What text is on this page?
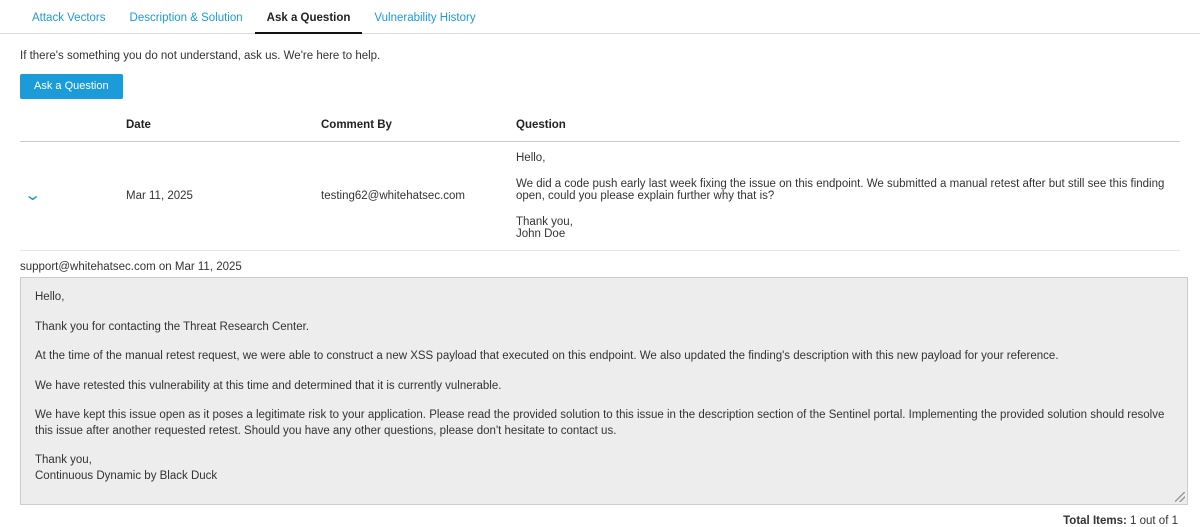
Attack Vectors	Description & Solution	Ask a Question	Vulnerability History
If there's something you do not understand, ask us. We're here to help.
Ask a Question
	Date	Comment By	Question
⌄	Mar 11, 2025	testing62@whitehatsec.com	Hello,

We did a code push early last week fixing the issue on this endpoint. We submitted a manual retest after but still see this finding open, could you please explain further why that is?

Thank you,

John Doe

support@whitehatsec.com on Mar 11, 2025

Hello,

Thank you for contacting the Threat Research Center.

At the time of the manual retest request, we were able to construct a new XSS payload that executed on this endpoint. We also updated the finding's description with this new payload for your reference.

We have retested this vulnerability at this time and determined that it is currently vulnerable.

We have kept this issue open as it poses a legitimate risk to your application. Please read the provided solution to this issue in the description section of the Sentinel portal. Implementing the provided solution should resolve this issue after another requested retest. Should you have any other questions, please don't hesitate to contact us.

Thank you,

Continuous Dynamic by Black Duck

Total Items: 1 out of 1
